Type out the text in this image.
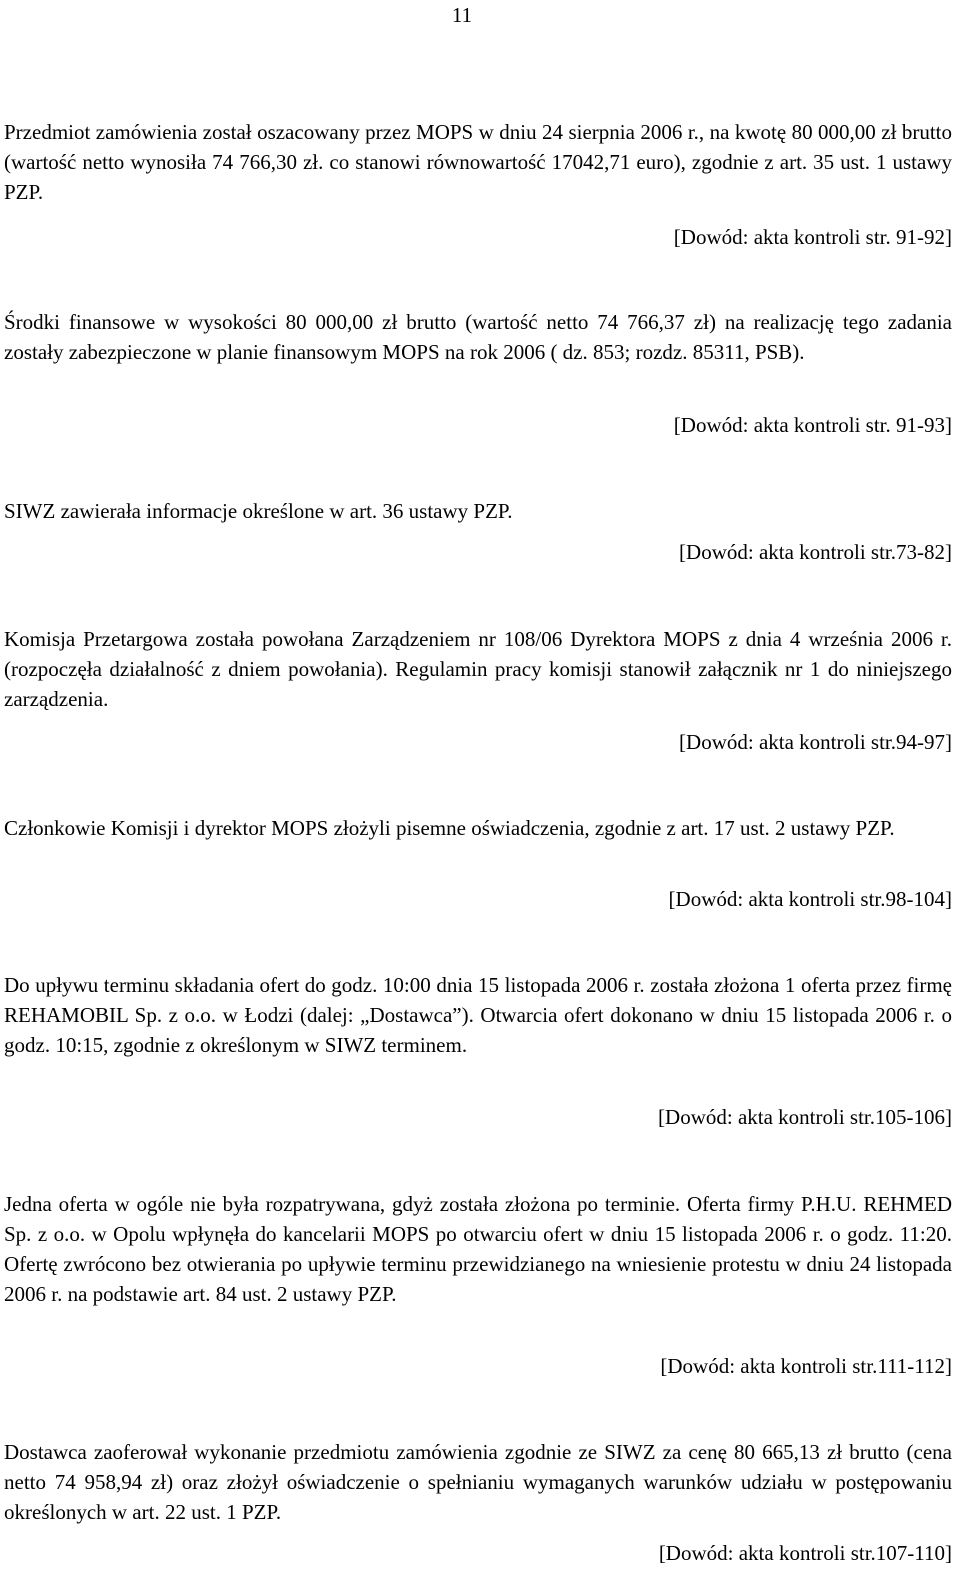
11
Przedmiot zamówienia został oszacowany przez MOPS w dniu 24 sierpnia 2006 r., na kwotę 80 000,00 zł brutto (wartość netto wynosiła 74 766,30 zł. co stanowi równowartość 17042,71 euro), zgodnie z art. 35 ust. 1 ustawy PZP.
[Dowód: akta kontroli str. 91-92]
Środki finansowe w wysokości 80 000,00 zł brutto (wartość netto 74 766,37 zł) na realizację tego zadania zostały zabezpieczone w planie finansowym MOPS na rok 2006 ( dz. 853; rozdz. 85311, PSB).
[Dowód: akta kontroli str. 91-93]
SIWZ zawierała informacje określone w art. 36 ustawy PZP.
[Dowód: akta kontroli str.73-82]
Komisja Przetargowa została powołana Zarządzeniem nr 108/06 Dyrektora MOPS z dnia 4 września 2006 r. (rozpoczęła działalność z dniem powołania). Regulamin pracy komisji stanowił załącznik nr 1 do niniejszego zarządzenia.
[Dowód: akta kontroli str.94-97]
Członkowie Komisji i dyrektor MOPS złożyli pisemne oświadczenia, zgodnie z art. 17 ust. 2 ustawy PZP.
[Dowód: akta kontroli str.98-104]
Do upływu terminu składania ofert do godz. 10:00 dnia 15 listopada 2006 r. została złożona 1 oferta przez firmę REHAMOBIL Sp. z o.o. w Łodzi (dalej: „Dostawca”). Otwarcia ofert dokonano w dniu 15 listopada 2006 r. o godz. 10:15, zgodnie z określonym w SIWZ terminem.
[Dowód: akta kontroli str.105-106]
Jedna oferta w ogóle nie była rozpatrywana, gdyż została złożona po terminie. Oferta firmy P.H.U. REHMED Sp. z o.o. w Opolu wpłynęła do kancelarii MOPS po otwarciu ofert w dniu 15 listopada 2006 r. o godz. 11:20. Ofertę zwrócono bez otwierania po upływie terminu przewidzianego na wniesienie protestu w dniu 24 listopada 2006 r. na podstawie art. 84 ust. 2 ustawy PZP.
[Dowód: akta kontroli str.111-112]
Dostawca zaoferował wykonanie przedmiotu zamówienia zgodnie ze SIWZ za cenę 80 665,13 zł brutto (cena netto 74 958,94 zł) oraz złożył oświadczenie o spełnianiu wymaganych warunków udziału w postępowaniu określonych w art. 22 ust. 1 PZP.
[Dowód: akta kontroli str.107-110]
